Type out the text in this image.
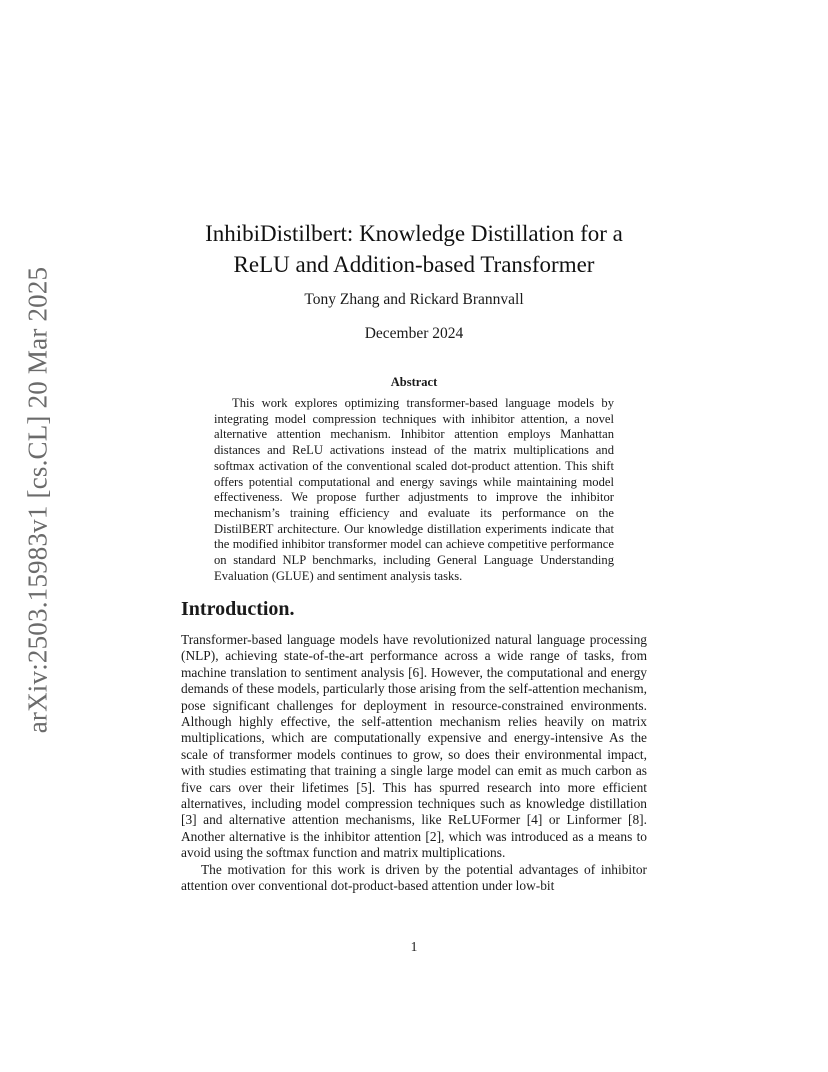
arXiv:2503.15983v1 [cs.CL] 20 Mar 2025
InhibiDistilbert: Knowledge Distillation for a
ReLU and Addition-based Transformer
Tony Zhang and Rickard Brannvall
December 2024
Abstract
This work explores optimizing transformer-based language models by integrating model compression techniques with inhibitor attention, a novel alternative attention mechanism. Inhibitor attention employs Manhattan distances and ReLU activations instead of the matrix multiplications and softmax activation of the conventional scaled dot-product attention. This shift offers potential computational and energy savings while maintaining model effectiveness. We propose further adjustments to improve the inhibitor mechanism’s training efficiency and evaluate its performance on the DistilBERT architecture. Our knowledge distillation experiments indicate that the modified inhibitor transformer model can achieve competitive performance on standard NLP benchmarks, including General Language Understanding Evaluation (GLUE) and sentiment analysis tasks.
Introduction.

Transformer-based language models have revolutionized natural language processing (NLP), achieving state-of-the-art performance across a wide range of tasks, from machine translation to sentiment analysis [6]. However, the computational and energy demands of these models, particularly those arising from the self-attention mechanism, pose significant challenges for deployment in resource-constrained environments. Although highly effective, the self-attention mechanism relies heavily on matrix multiplications, which are computationally expensive and energy-intensive As the scale of transformer models continues to grow, so does their environmental impact, with studies estimating that training a single large model can emit as much carbon as five cars over their lifetimes [5]. This has spurred research into more efficient alternatives, including model compression techniques such as knowledge distillation [3] and alternative attention mechanisms, like ReLUFormer [4] or Linformer [8]. Another alternative is the inhibitor attention [2], which was introduced as a means to avoid using the softmax function and matrix multiplications.

The motivation for this work is driven by the potential advantages of inhibitor attention over conventional dot-product-based attention under low-bit

1
